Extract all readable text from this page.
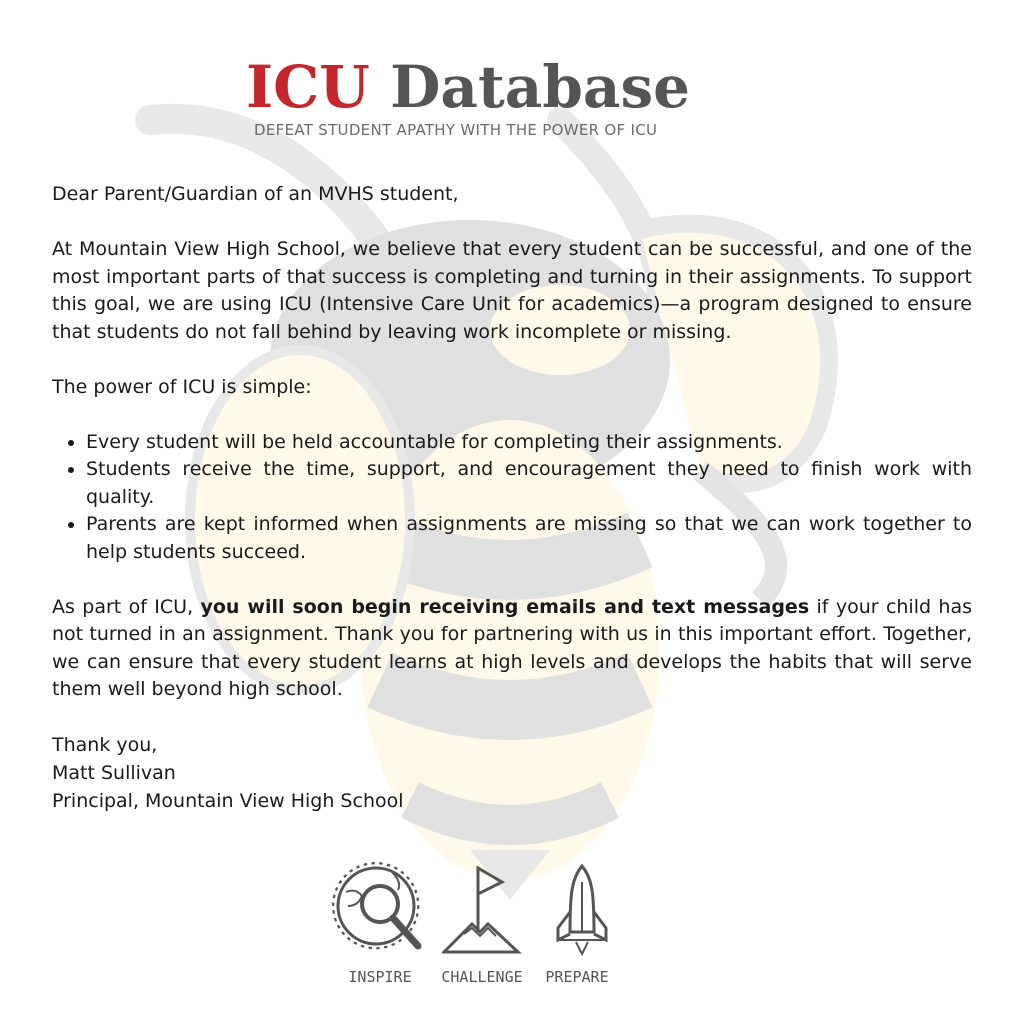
ICU Database
DEFEAT STUDENT APATHY WITH THE POWER OF ICU

Dear Parent/Guardian of an MVHS student,

At Mountain View High School, we believe that every student can be successful, and one of the most important parts of that success is completing and turning in their assignments. To support this goal, we are using ICU (Intensive Care Unit for academics)—a program designed to ensure that students do not fall behind by leaving work incomplete or missing.

The power of ICU is simple:

• Every student will be held accountable for completing their assignments.
• Students receive the time, support, and encouragement they need to finish work with quality.
• Parents are kept informed when assignments are missing so that we can work together to help students succeed.

As part of ICU, you will soon begin receiving emails and text messages if your child has not turned in an assignment. Thank you for partnering with us in this important effort. Together, we can ensure that every student learns at high levels and develops the habits that will serve them well beyond high school.

Thank you,
Matt Sullivan
Principal, Mountain View High School
INSPIRE	CHALLENGE	PREPARE
